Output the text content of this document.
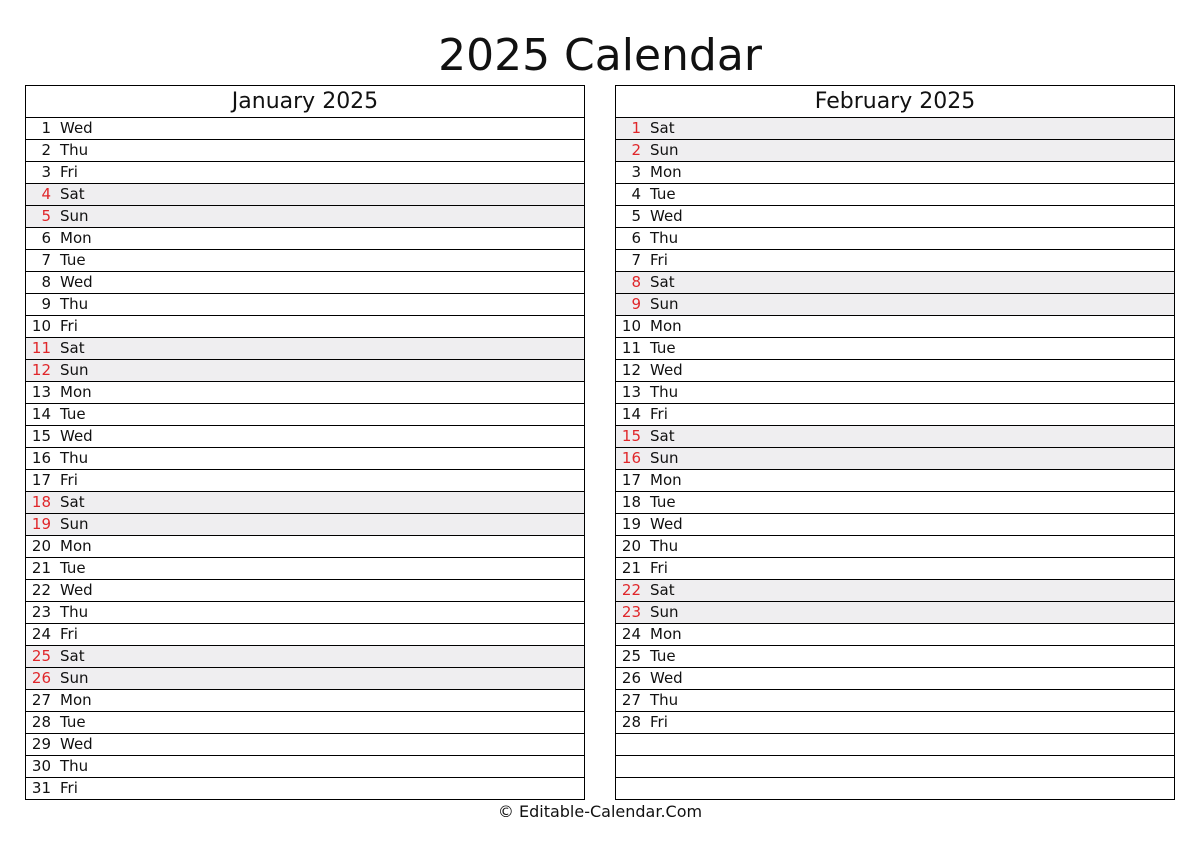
2025 Calendar
January 2025
1 Wed
2 Thu
3 Fri
4 Sat
5 Sun
6 Mon
7 Tue
8 Wed
9 Thu
10 Fri
11 Sat
12 Sun
13 Mon
14 Tue
15 Wed
16 Thu
17 Fri
18 Sat
19 Sun
20 Mon
21 Tue
22 Wed
23 Thu
24 Fri
25 Sat
26 Sun
27 Mon
28 Tue
29 Wed
30 Thu
31 Fri
February 2025
1 Sat
2 Sun
3 Mon
4 Tue
5 Wed
6 Thu
7 Fri
8 Sat
9 Sun
10 Mon
11 Tue
12 Wed
13 Thu
14 Fri
15 Sat
16 Sun
17 Mon
18 Tue
19 Wed
20 Thu
21 Fri
22 Sat
23 Sun
24 Mon
25 Tue
26 Wed
27 Thu
28 Fri
© Editable-Calendar.Com
